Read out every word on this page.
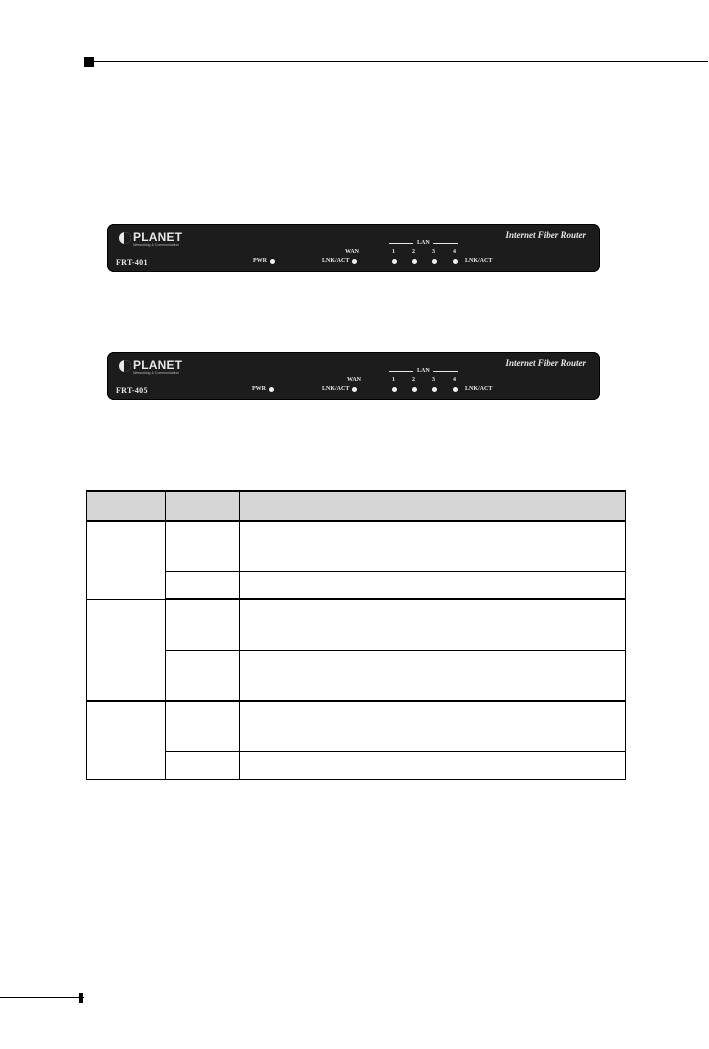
PLANET
Networking & Communication
FRT-401
Internet Fiber Router
PWR
WAN
LNK/ACT
LAN
1	2	3	4
LNK/ACT
PLANET
Networking & Communication
FRT-405
Internet Fiber Router
PWR
WAN
LNK/ACT
LAN
1	2	3	4
LNK/ACT
